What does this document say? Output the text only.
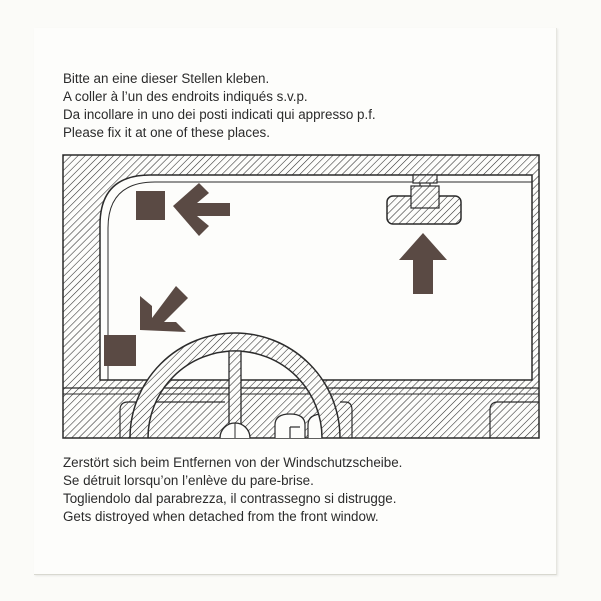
Bitte an eine dieser Stellen kleben.
A coller à l’un des endroits indiqués s.v.p.
Da incollare in uno dei posti indicati qui appresso p.f.
Please fix it at one of these places.
Zerstört sich beim Entfernen von der Windschutzscheibe.
Se détruit lorsqu’on l’enlève du pare-brise.
Togliendolo dal parabrezza, il contrassegno si distrugge.
Gets distroyed when detached from the front window.
